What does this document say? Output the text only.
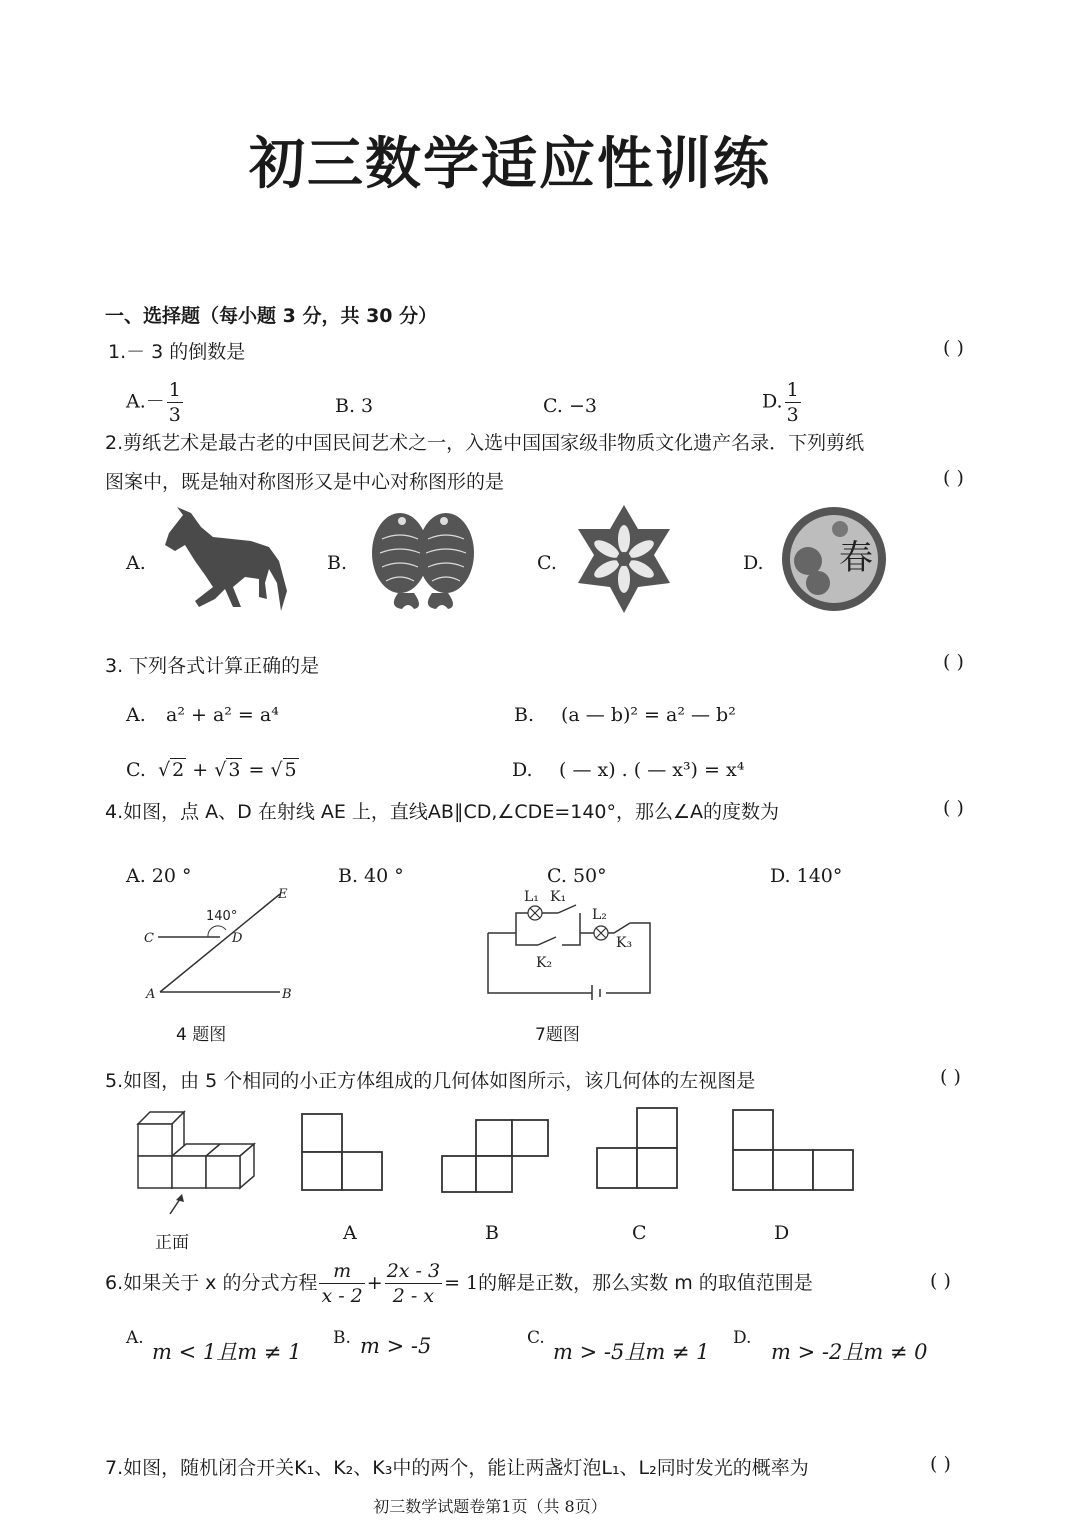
初三数学适应性训练
一、选择题（每小题 3 分，共 30 分）
1.－ 3 的倒数是	( )
$A.- \frac{1}{3}$	B. 3	C. −3	D. $\frac{1}{3}$
2.剪纸艺术是最古老的中国民间艺术之一，入选中国国家级非物质文化遗产名录．下列剪纸
图案中，既是轴对称图形又是中心对称图形的是	( )
A.	B.	C.	D. 春
3. 下列各式计算正确的是	( )
A. a² + a² = a⁴	B. (a — b)² = a² — b²
C. √ 2 + √ 3 = √ 5	D. ( — x) . ( — x³) = x⁴
4.如图，点 A、D 在射线 AE 上，直线AB∥CD,∠CDE=140°，那么∠A的度数为	( )
A. 20 °	B. 40 °	C. 50°	D. 140°
140°
C	D
E
A	B
4 题图
L₁ K₁
L₂
K₂
K₃
7题图
5.如图，由 5 个相同的小正方体组成的几何体如图所示，该几何体的左视图是	( )
正面	A	B	C	D
6.如果关于 x 的分式方程 $\frac{m}{x - 2} + \frac{2x - 3}{2 - x} = 1$的解是正数，那么实数 m 的取值范围是	( )
A.
m < 1且m ≠ 1
B. m > -5	C.
m > -5且m ≠ 1
D.
m > -2且m ≠ 0
7.如图，随机闭合开关K₁、K₂、K₃中的两个，能让两盏灯泡L₁、L₂同时发光的概率为	( )
初三数学试题卷第1页（共 8页）
